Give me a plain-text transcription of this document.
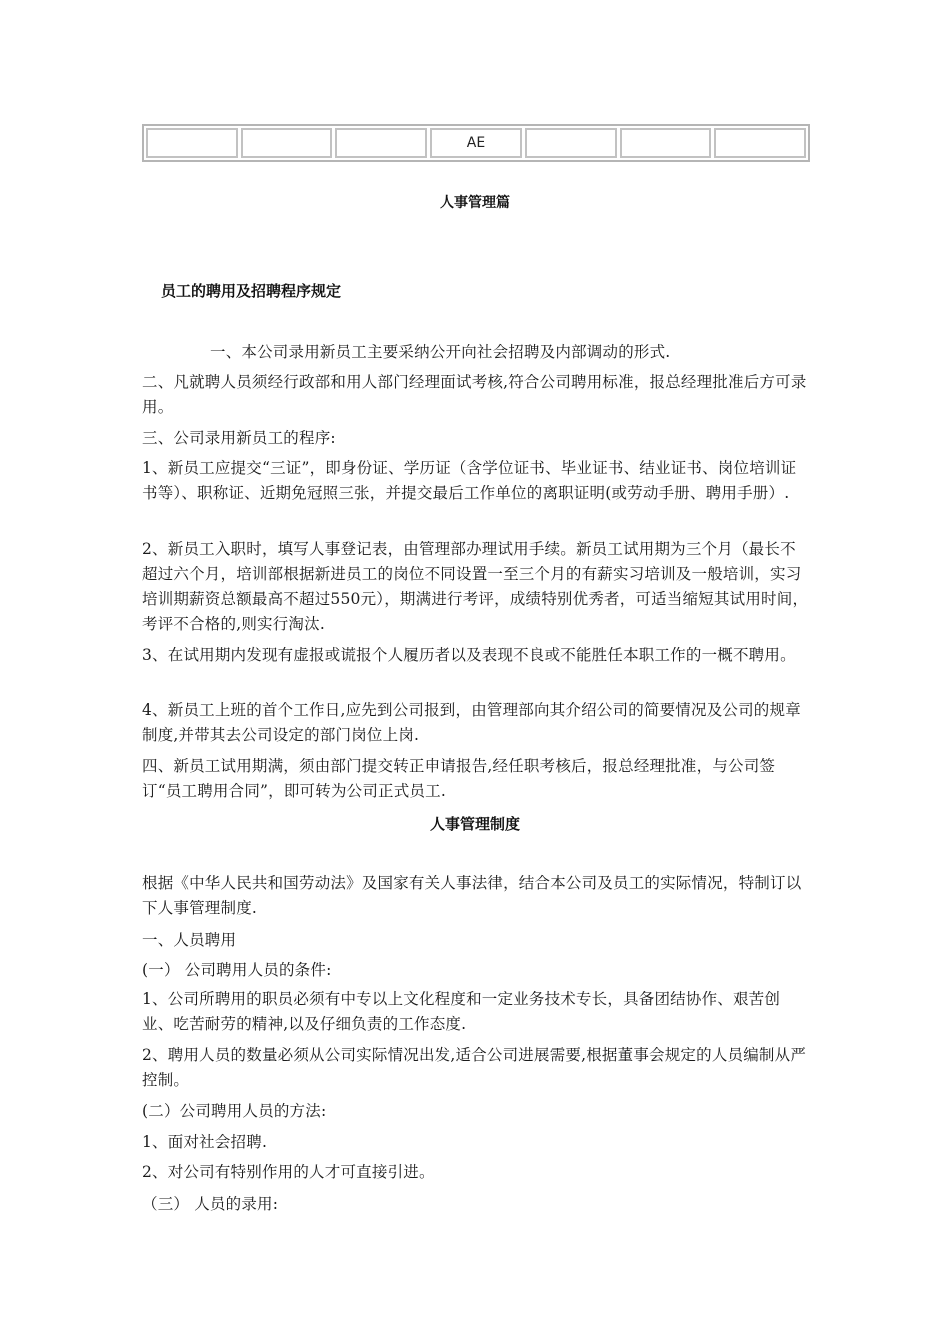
AE
人事管理篇
员工的聘用及招聘程序规定
一、本公司录用新员工主要采纳公开向社会招聘及内部调动的形式.
二、凡就聘人员须经行政部和用人部门经理面试考核,符合公司聘用标准，报总经理批准后方可录用。
三、公司录用新员工的程序:
1、新员工应提交“三证”，即身份证、学历证（含学位证书、毕业证书、结业证书、岗位培训证书等）、职称证、近期免冠照三张，并提交最后工作单位的离职证明(或劳动手册、聘用手册）.
2、新员工入职时，填写人事登记表，由管理部办理试用手续。新员工试用期为三个月（最长不超过六个月，培训部根据新进员工的岗位不同设置一至三个月的有薪实习培训及一般培训，实习培训期薪资总额最高不超过550元），期满进行考评，成绩特别优秀者，可适当缩短其试用时间，考评不合格的,则实行淘汰.
3、在试用期内发现有虚报或谎报个人履历者以及表现不良或不能胜任本职工作的一概不聘用。
4、新员工上班的首个工作日,应先到公司报到，由管理部向其介绍公司的简要情况及公司的规章制度,并带其去公司设定的部门岗位上岗.
四、新员工试用期满，须由部门提交转正申请报告,经任职考核后，报总经理批准，与公司签订“员工聘用合同”，即可转为公司正式员工.
人事管理制度
根据《中华人民共和国劳动法》及国家有关人事法律，结合本公司及员工的实际情况，特制订以下人事管理制度.
一、人员聘用
(一） 公司聘用人员的条件:
1、公司所聘用的职员必须有中专以上文化程度和一定业务技术专长，具备团结协作、艰苦创业、吃苦耐劳的精神,以及仔细负责的工作态度.
2、聘用人员的数量必须从公司实际情况出发,适合公司进展需要,根据董事会规定的人员编制从严控制。
(二）公司聘用人员的方法:
1、面对社会招聘.
2、对公司有特别作用的人才可直接引进。
（三） 人员的录用:
